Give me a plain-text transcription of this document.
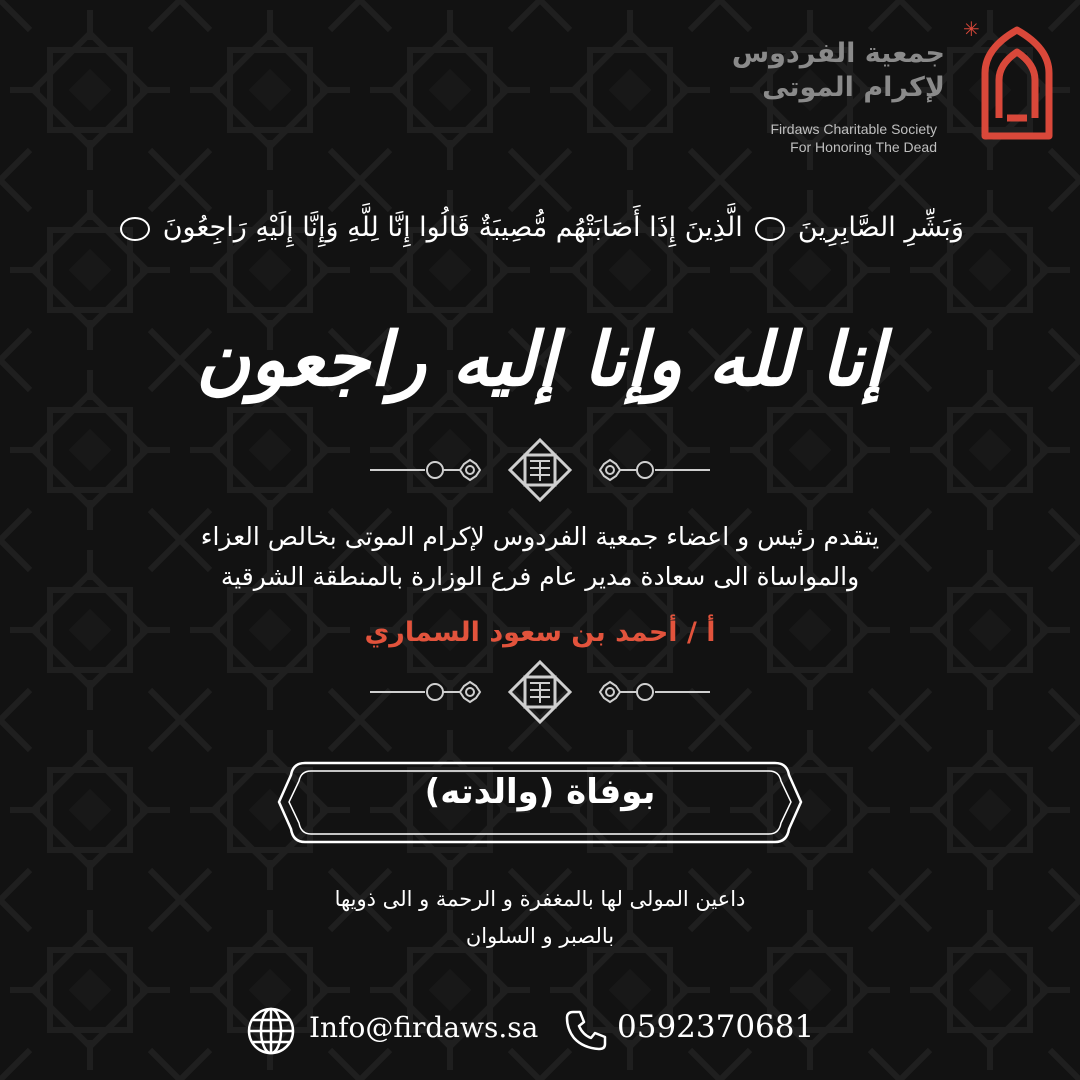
✳
جمعية الفردوس
لإكرام الموتى
Firdaws Charitable Society
For Honoring The Dead
وَبَشِّرِ الصَّابِرِينَ  الَّذِينَ إِذَا أَصَابَتْهُم مُّصِيبَةٌ قَالُوا إِنَّا لِلَّهِ وَإِنَّا إِلَيْهِ رَاجِعُونَ
إنا لله وإنا إليه راجعون
يتقدم رئيس و اعضاء جمعية الفردوس لإكرام الموتى بخالص العزاء
والمواساة الى سعادة مدير عام فرع الوزارة بالمنطقة الشرقية
أ / أحمد بن سعود السماري
بوفاة (والدته)
داعين المولى لها بالمغفرة و الرحمة و الى ذويها
بالصبر و السلوان
Info@firdaws.sa	0592370681
